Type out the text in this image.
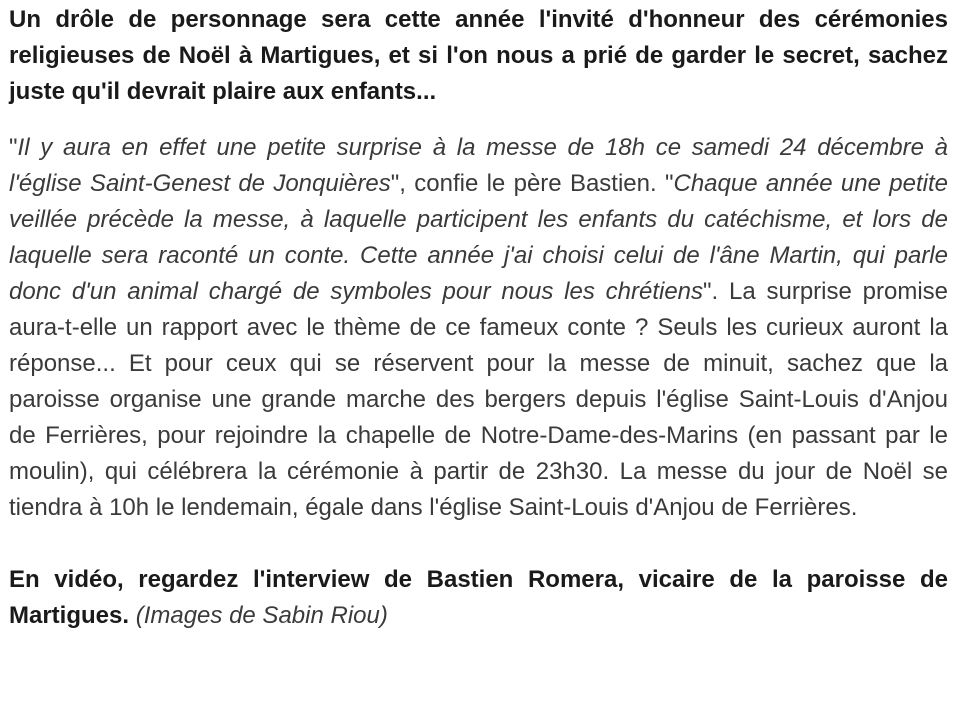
Un drôle de personnage sera cette année l'invité d'honneur des cérémonies religieuses de Noël à Martigues, et si l'on nous a prié de garder le secret, sachez juste qu'il devrait plaire aux enfants...

"Il y aura en effet une petite surprise à la messe de 18h ce samedi 24 décembre à l'église Saint-Genest de Jonquières", confie le père Bastien. "Chaque année une petite veillée précède la messe, à laquelle participent les enfants du catéchisme, et lors de laquelle sera raconté un conte. Cette année j'ai choisi celui de l'âne Martin, qui parle donc d'un animal chargé de symboles pour nous les chrétiens". La surprise promise aura-t-elle un rapport avec le thème de ce fameux conte ? Seuls les curieux auront la réponse... Et pour ceux qui se réservent pour la messe de minuit, sachez que la paroisse organise une grande marche des bergers depuis l'église Saint-Louis d'Anjou de Ferrières, pour rejoindre la chapelle de Notre-Dame-des-Marins (en passant par le moulin), qui célébrera la cérémonie à partir de 23h30. La messe du jour de Noël se tiendra à 10h le lendemain, égale dans l'église Saint-Louis d'Anjou de Ferrières.

En vidéo, regardez l'interview de Bastien Romera, vicaire de la paroisse de Martigues. (Images de Sabin Riou)
